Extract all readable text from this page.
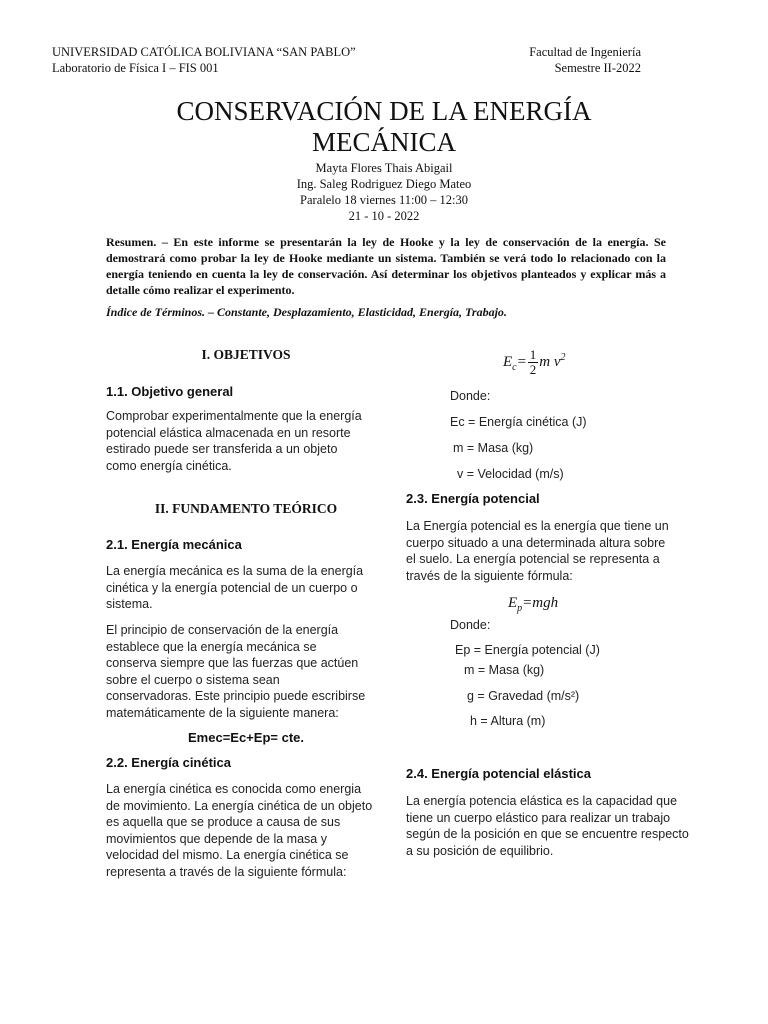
UNIVERSIDAD CATÓLICA BOLIVIANA “SAN PABLO”
Laboratorio de Física I – FIS 001
Facultad de Ingeniería
Semestre II-2022
CONSERVACIÓN DE LA ENERGÍA
MECÁNICA
Mayta Flores Thais Abigail
Ing. Saleg Rodriguez Diego Mateo
Paralelo 18 viernes 11:00 – 12:30
21 - 10 - 2022
Resumen. – En este informe se presentarán la ley de Hooke y la ley de conservación de la energía. Se demostrará como probar la ley de Hooke mediante un sistema. También se verá todo lo relacionado con la energía teniendo en cuenta la ley de conservación. Así determinar los objetivos planteados y explicar más a detalle cómo realizar el experimento.
Índice de Términos. – Constante, Desplazamiento, Elasticidad, Energía, Trabajo.
I. OBJETIVOS
1.1. Objetivo general
Comprobar experimentalmente que la energía potencial elástica almacenada en un resorte estirado puede ser transferida a un objeto como energía cinética.
II. FUNDAMENTO TEÓRICO
2.1. Energía mecánica
La energía mecánica es la suma de la energía cinética y la energía potencial de un cuerpo o sistema.
El principio de conservación de la energía establece que la energía mecánica se conserva siempre que las fuerzas que actúen sobre el cuerpo o sistema sean conservadoras. Este principio puede escribirse matemáticamente de la siguiente manera:
Emec=Ec+Ep= cte.
2.2. Energía cinética
La energía cinética es conocida como energia de movimiento. La energía cinética de un objeto es aquella que se produce a causa de sus movimientos que depende de la masa y velocidad del mismo. La energía cinética se representa a través de la siguiente fórmula:
$E_c= \frac{1}{2}$ m $v^2$
Donde:
Ec = Energía cinética (J)
m = Masa (kg)
v = Velocidad (m/s)
2.3. Energía potencial
La Energía potencial es la energía que tiene un cuerpo situado a una determinada altura sobre el suelo. La energía potencial se representa a través de la siguiente fórmula:
$E_p=mgh$
Donde:
Ep = Energía potencial (J)
m = Masa (kg)
g = Gravedad (m/s²)
h = Altura (m)
2.4. Energía potencial elástica
La energía potencia elástica es la capacidad que tiene un cuerpo elástico para realizar un trabajo según de la posición en que se encuentre respecto a su posición de equilibrio.
